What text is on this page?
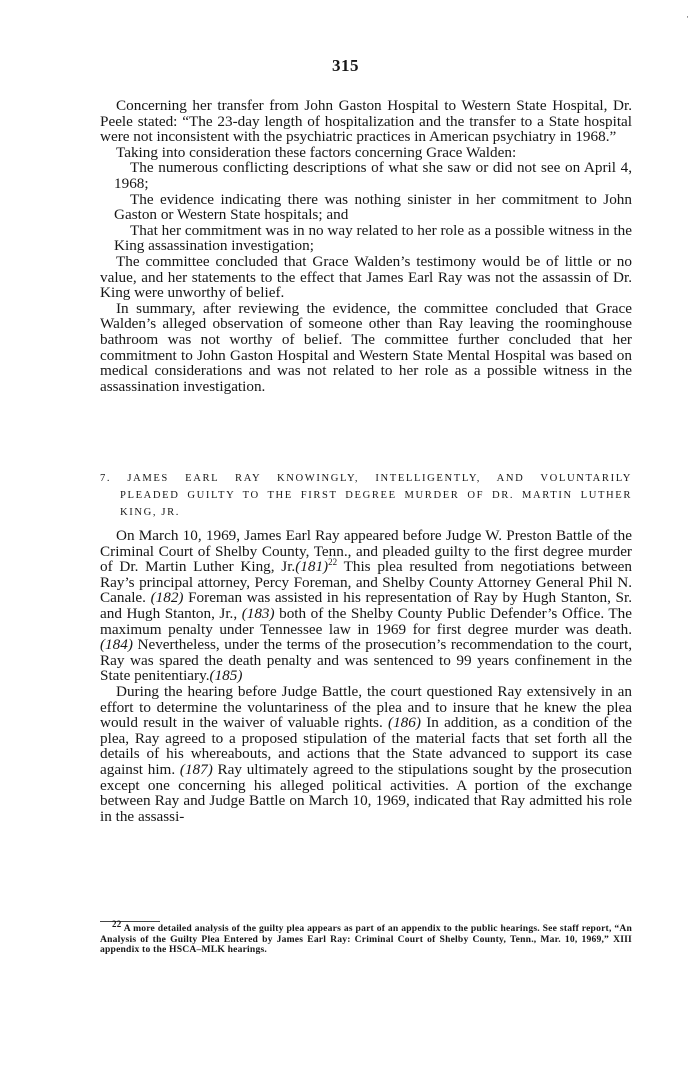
·
315

Concerning her transfer from John Gaston Hospital to Western State Hospital, Dr. Peele stated: “The 23-day length of hospitalization and the transfer to a State hospital were not inconsistent with the psychiatric practices in American psychiatry in 1968.”

Taking into consideration these factors concerning Grace Walden:

The numerous conflicting descriptions of what she saw or did not see on April 4, 1968;

The evidence indicating there was nothing sinister in her commitment to John Gaston or Western State hospitals; and

That her commitment was in no way related to her role as a possible witness in the King assassination investigation;

The committee concluded that Grace Walden’s testimony would be of little or no value, and her statements to the effect that James Earl Ray was not the assassin of Dr. King were unworthy of belief.

In summary, after reviewing the evidence, the committee concluded that Grace Walden’s alleged observation of someone other than Ray leaving the roominghouse bathroom was not worthy of belief. The committee further concluded that her commitment to John Gaston Hospital and Western State Mental Hospital was based on medical considerations and was not related to her role as a possible witness in the assassination investigation.

7. JAMES EARL RAY KNOWINGLY, INTELLIGENTLY, AND VOLUNTARILY
PLEADED GUILTY TO THE FIRST DEGREE MURDER OF DR. MARTIN LUTHER
KING, JR.

On March 10, 1969, James Earl Ray appeared before Judge W. Preston Battle of the Criminal Court of Shelby County, Tenn., and pleaded guilty to the first degree murder of Dr. Martin Luther King, $Jr.(181)^{22}$ This plea resulted from negotiations between Ray’s principal attorney, Percy Foreman, and Shelby County Attorney General Phil N. Canale. (182) Foreman was assisted in his representation of Ray by Hugh Stanton, Sr. and Hugh Stanton, Jr., (183) both of the Shelby County Public Defender’s Office. The maximum penalty under Tennessee law in 1969 for first degree murder was death. (184) Nevertheless, under the terms of the prosecution’s recommendation to the court, Ray was spared the death penalty and was sentenced to 99 years confinement in the State penitentiary.(185)

During the hearing before Judge Battle, the court questioned Ray extensively in an effort to determine the voluntariness of the plea and to insure that he knew the plea would result in the waiver of valuable rights. (186) In addition, as a condition of the plea, Ray agreed to a proposed stipulation of the material facts that set forth all the details of his whereabouts, and actions that the State advanced to support its case against him. (187) Ray ultimately agreed to the stipulations sought by the prosecution except one concerning his alleged political activities. A portion of the exchange between Ray and Judge Battle on March 10, 1969, indicated that Ray admitted his role in the assassi-

$^{22}$ A more detailed analysis of the guilty plea appears as part of an appendix to the public hearings. See staff report, “An Analysis of the Guilty Plea Entered by James Earl Ray: Criminal Court of Shelby County, Tenn., Mar. 10, 1969,” XIII appendix to the HSCA–MLK hearings.
